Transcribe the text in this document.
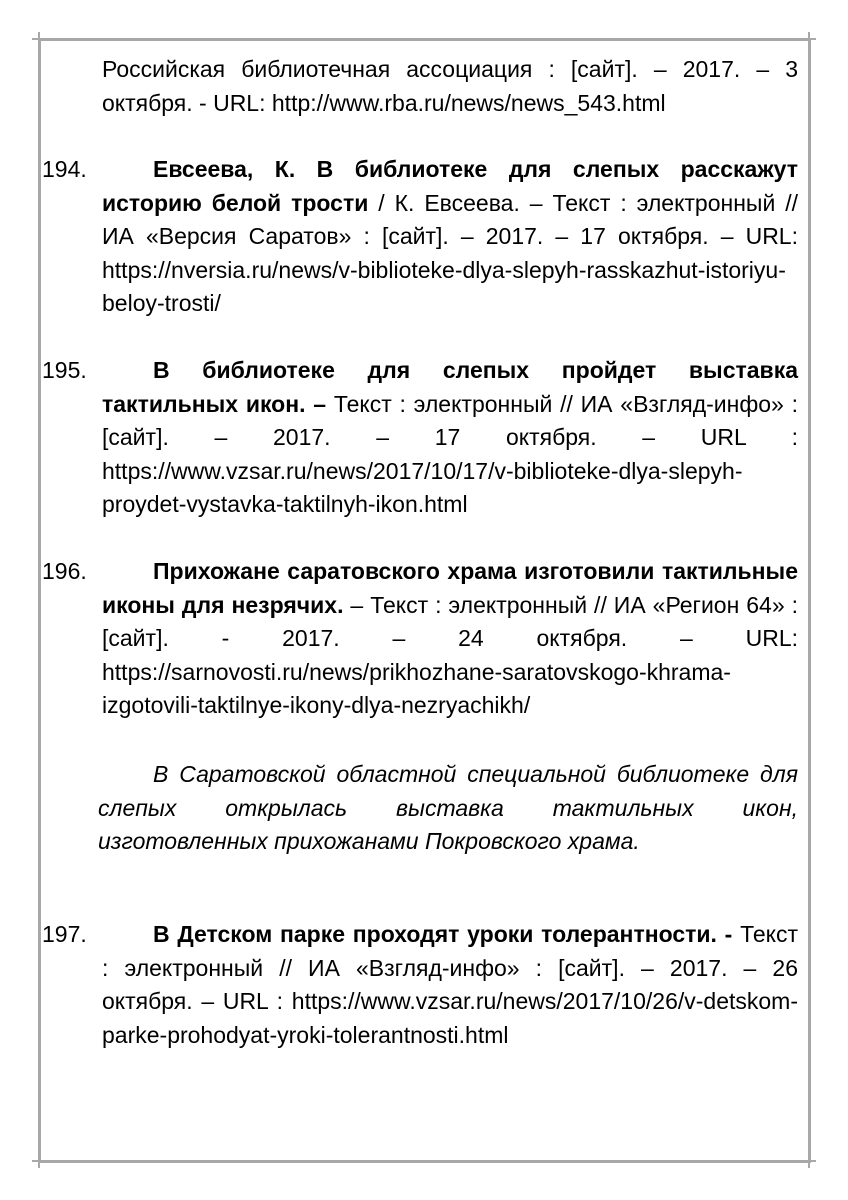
Российская библиотечная ассоциация : [сайт]. – 2017. – 3 октября. - URL: http://www.rba.ru/news/news_543.html
194.	Евсеева, К. В библиотеке для слепых расскажут историю белой трости / К. Евсеева. – Текст : электронный // ИА «Версия Саратов» : [сайт]. – 2017. – 17 октября. – URL: https://nversia.ru/news/v-biblioteke-dlya-slepyh-rasskazhut-istoriyu-beloy-trosti/
195.	В библиотеке для слепых пройдет выставка тактильных икон. – Текст : электронный // ИА «Взгляд-инфо» : [сайт]. – 2017. – 17 октября. – URL : https://www.vzsar.ru/news/2017/10/17/v-biblioteke-dlya-slepyh-proydet-vystavka-taktilnyh-ikon.html
196.	Прихожане саратовского храма изготовили тактильные иконы для незрячих. – Текст : электронный // ИА «Регион 64» : [сайт]. - 2017. – 24 октября. – URL: https://sarnovosti.ru/news/prikhozhane-saratovskogo-khrama-izgotovili-taktilnye-ikony-dlya-nezryachikh/
В Саратовской областной специальной библиотеке для слепых открылась выставка тактильных икон, изготовленных прихожанами Покровского храма.
197.	В Детском парке проходят уроки толерантности. - Текст : электронный // ИА «Взгляд-инфо» : [сайт]. – 2017. – 26 октября. – URL : https://www.vzsar.ru/news/2017/10/26/v-detskom-parke-prohodyat-yroki-tolerantnosti.html
